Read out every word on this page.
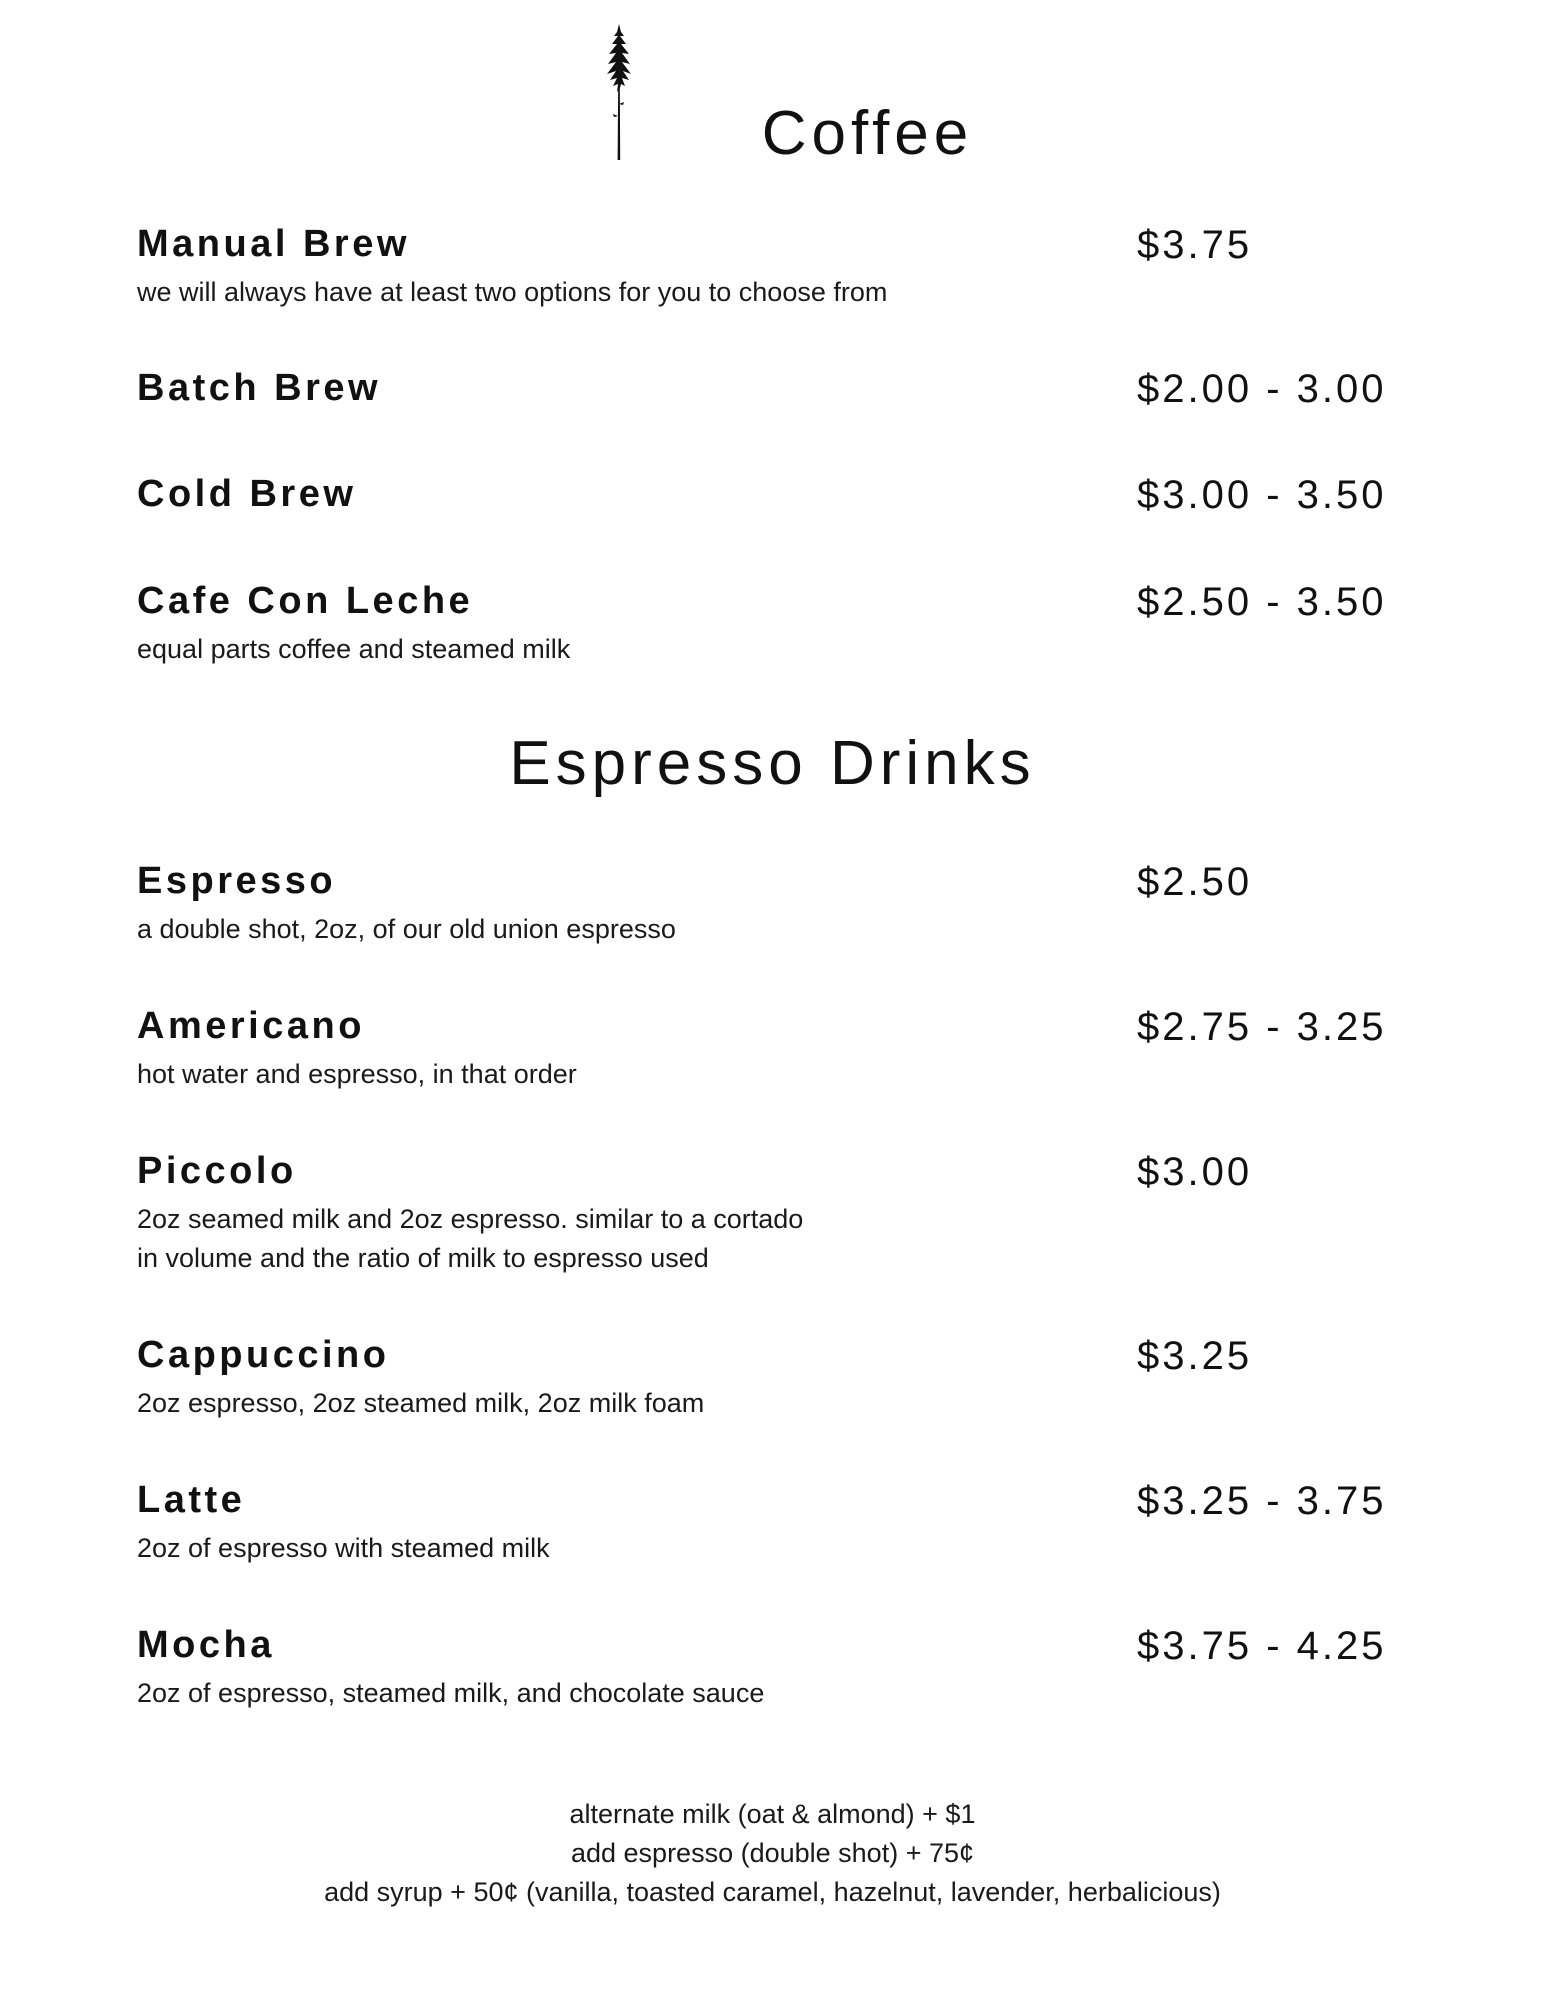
Coffee
Manual Brew	$3.75
we will always have at least two options for you to choose from
Batch Brew	$2.00 - 3.00
Cold Brew	$3.00 - 3.50
Cafe Con Leche	$2.50 - 3.50
equal parts coffee and steamed milk
Espresso Drinks
Espresso	$2.50
a double shot, 2oz, of our old union espresso
Americano	$2.75 - 3.25
hot water and espresso, in that order
Piccolo	$3.00
2oz seamed milk and 2oz espresso. similar to a cortado
in volume and the ratio of milk to espresso used
Cappuccino	$3.25
2oz espresso, 2oz steamed milk, 2oz milk foam
Latte	$3.25 - 3.75
2oz of espresso with steamed milk
Mocha	$3.75 - 4.25
2oz of espresso, steamed milk, and chocolate sauce
alternate milk (oat & almond) + $1
add espresso (double shot) + 75¢
add syrup + 50¢ (vanilla, toasted caramel, hazelnut, lavender, herbalicious)
